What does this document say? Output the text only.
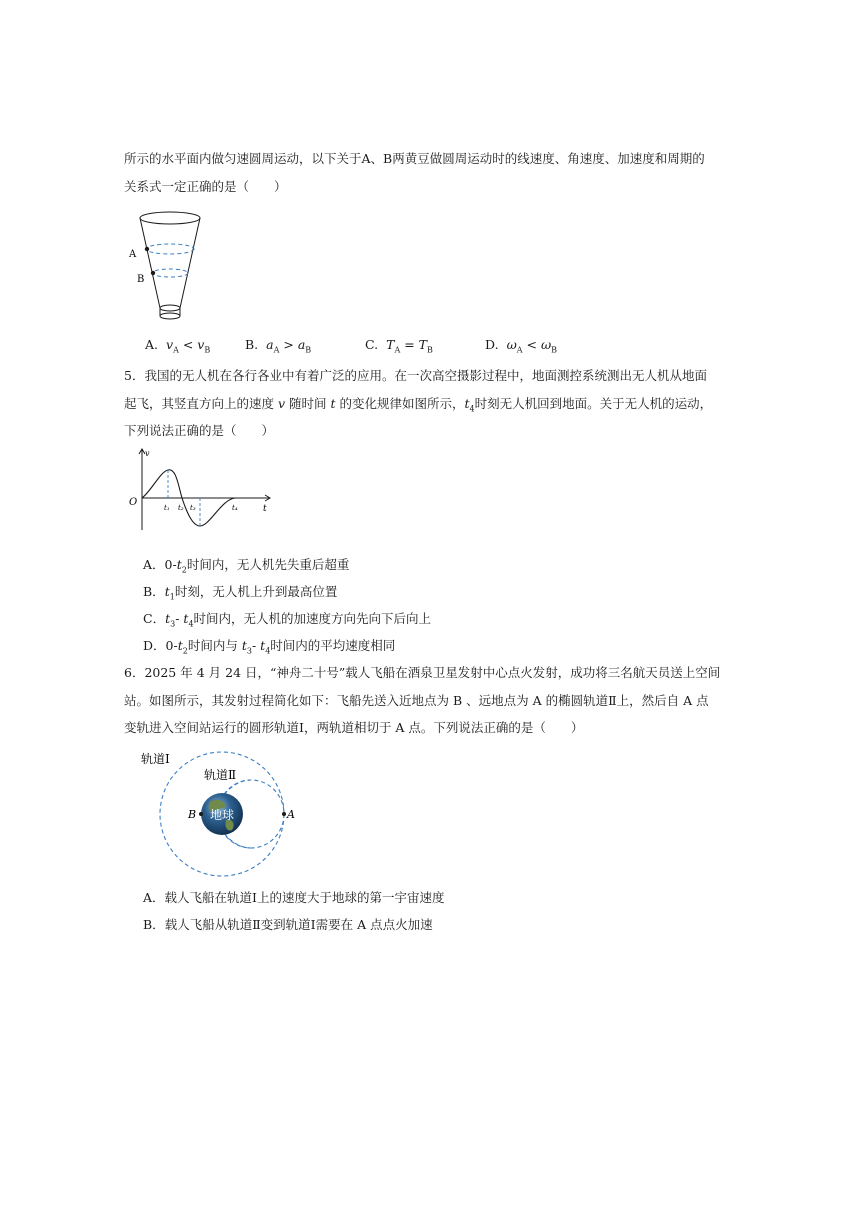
所示的水平面内做匀速圆周运动，以下关于A、B两黄豆做圆周运动时的线速度、角速度、加速度和周期的
关系式一定正确的是（　　）
A
B
A. $v_A < v_B$	B. $a_A > a_B$	C. $T_A = T_B$	D. $\omega_A < \omega_B$
5．我国的无人机在各行各业中有着广泛的应用。在一次高空摄影过程中，地面测控系统测出无人机从地面
起飞，其竖直方向上的速度 v 随时间 t 的变化规律如图所示，$t_4$时刻无人机回到地面。关于无人机的运动，
下列说法正确的是（　　）
v
O
t
t₁ t₂ t₃	t₄
A．$0-t_2$时间内，无人机先失重后超重
B．$t_1$时刻，无人机上升到最高位置
C．$t_3-$ $t_4$时间内，无人机的加速度方向先向下后向上
D．$0-t_2$时间内与 $t_3-$ $t_4$时间内的平均速度相同
6．2025 年 4 月 24 日，“神舟二十号”载人飞船在酒泉卫星发射中心点火发射，成功将三名航天员送上空间
站。如图所示，其发射过程简化如下：飞船先送入近地点为 B 、远地点为 A 的椭圆轨道Ⅱ上，然后自 A 点
变轨进入空间站运行的圆形轨道Ⅰ，两轨道相切于 A 点。下列说法正确的是（　　）
地球
B	A
轨道Ⅰ
轨道Ⅱ
A．载人飞船在轨道Ⅰ上的速度大于地球的第一宇宙速度
B．载人飞船从轨道Ⅱ变到轨道Ⅰ需要在 A 点点火加速
